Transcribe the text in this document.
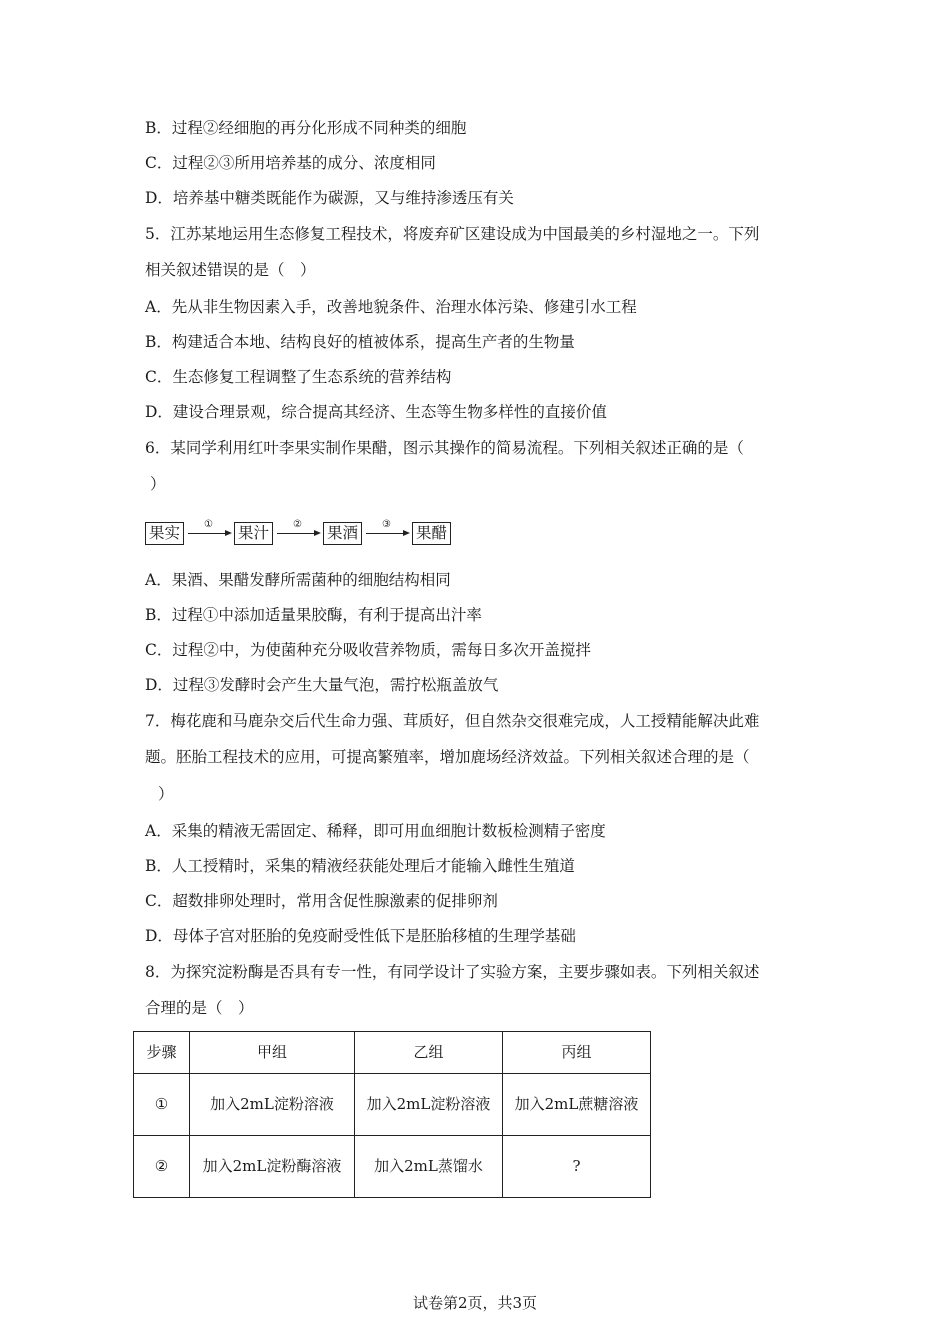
B．过程②经细胞的再分化形成不同种类的细胞
C．过程②③所用培养基的成分、浓度相同
D．培养基中糖类既能作为碳源，又与维持渗透压有关
5．江苏某地运用生态修复工程技术，将废弃矿区建设成为中国最美的乡村湿地之一。下列
相关叙述错误的是（　）
A．先从非生物因素入手，改善地貌条件、治理水体污染、修建引水工程
B．构建适合本地、结构良好的植被体系，提高生产者的生物量
C．生态修复工程调整了生态系统的营养结构
D．建设合理景观，综合提高其经济、生态等生物多样性的直接价值
6．某同学利用红叶李果实制作果醋，图示其操作的简易流程。下列相关叙述正确的是（
）
果实	① 果汁	② 果酒	③ 果醋
A．果酒、果醋发酵所需菌种的细胞结构相同
B．过程①中添加适量果胶酶，有利于提高出汁率
C．过程②中，为使菌种充分吸收营养物质，需每日多次开盖搅拌
D．过程③发酵时会产生大量气泡，需拧松瓶盖放气
7．梅花鹿和马鹿杂交后代生命力强、茸质好，但自然杂交很难完成，人工授精能解决此难
题。胚胎工程技术的应用，可提高繁殖率，增加鹿场经济效益。下列相关叙述合理的是（
）
A．采集的精液无需固定、稀释，即可用血细胞计数板检测精子密度
B．人工授精时，采集的精液经获能处理后才能输入雌性生殖道
C．超数排卵处理时，常用含促性腺激素的促排卵剂
D．母体子宫对胚胎的免疫耐受性低下是胚胎移植的生理学基础
8．为探究淀粉酶是否具有专一性，有同学设计了实验方案，主要步骤如表。下列相关叙述
合理的是（　）
步骤	甲组	乙组	丙组
①	加入2mL淀粉溶液	加入2mL淀粉溶液	加入2mL蔗糖溶液
②	加入2mL淀粉酶溶液	加入2mL蒸馏水	?
试卷第2页，共3页
